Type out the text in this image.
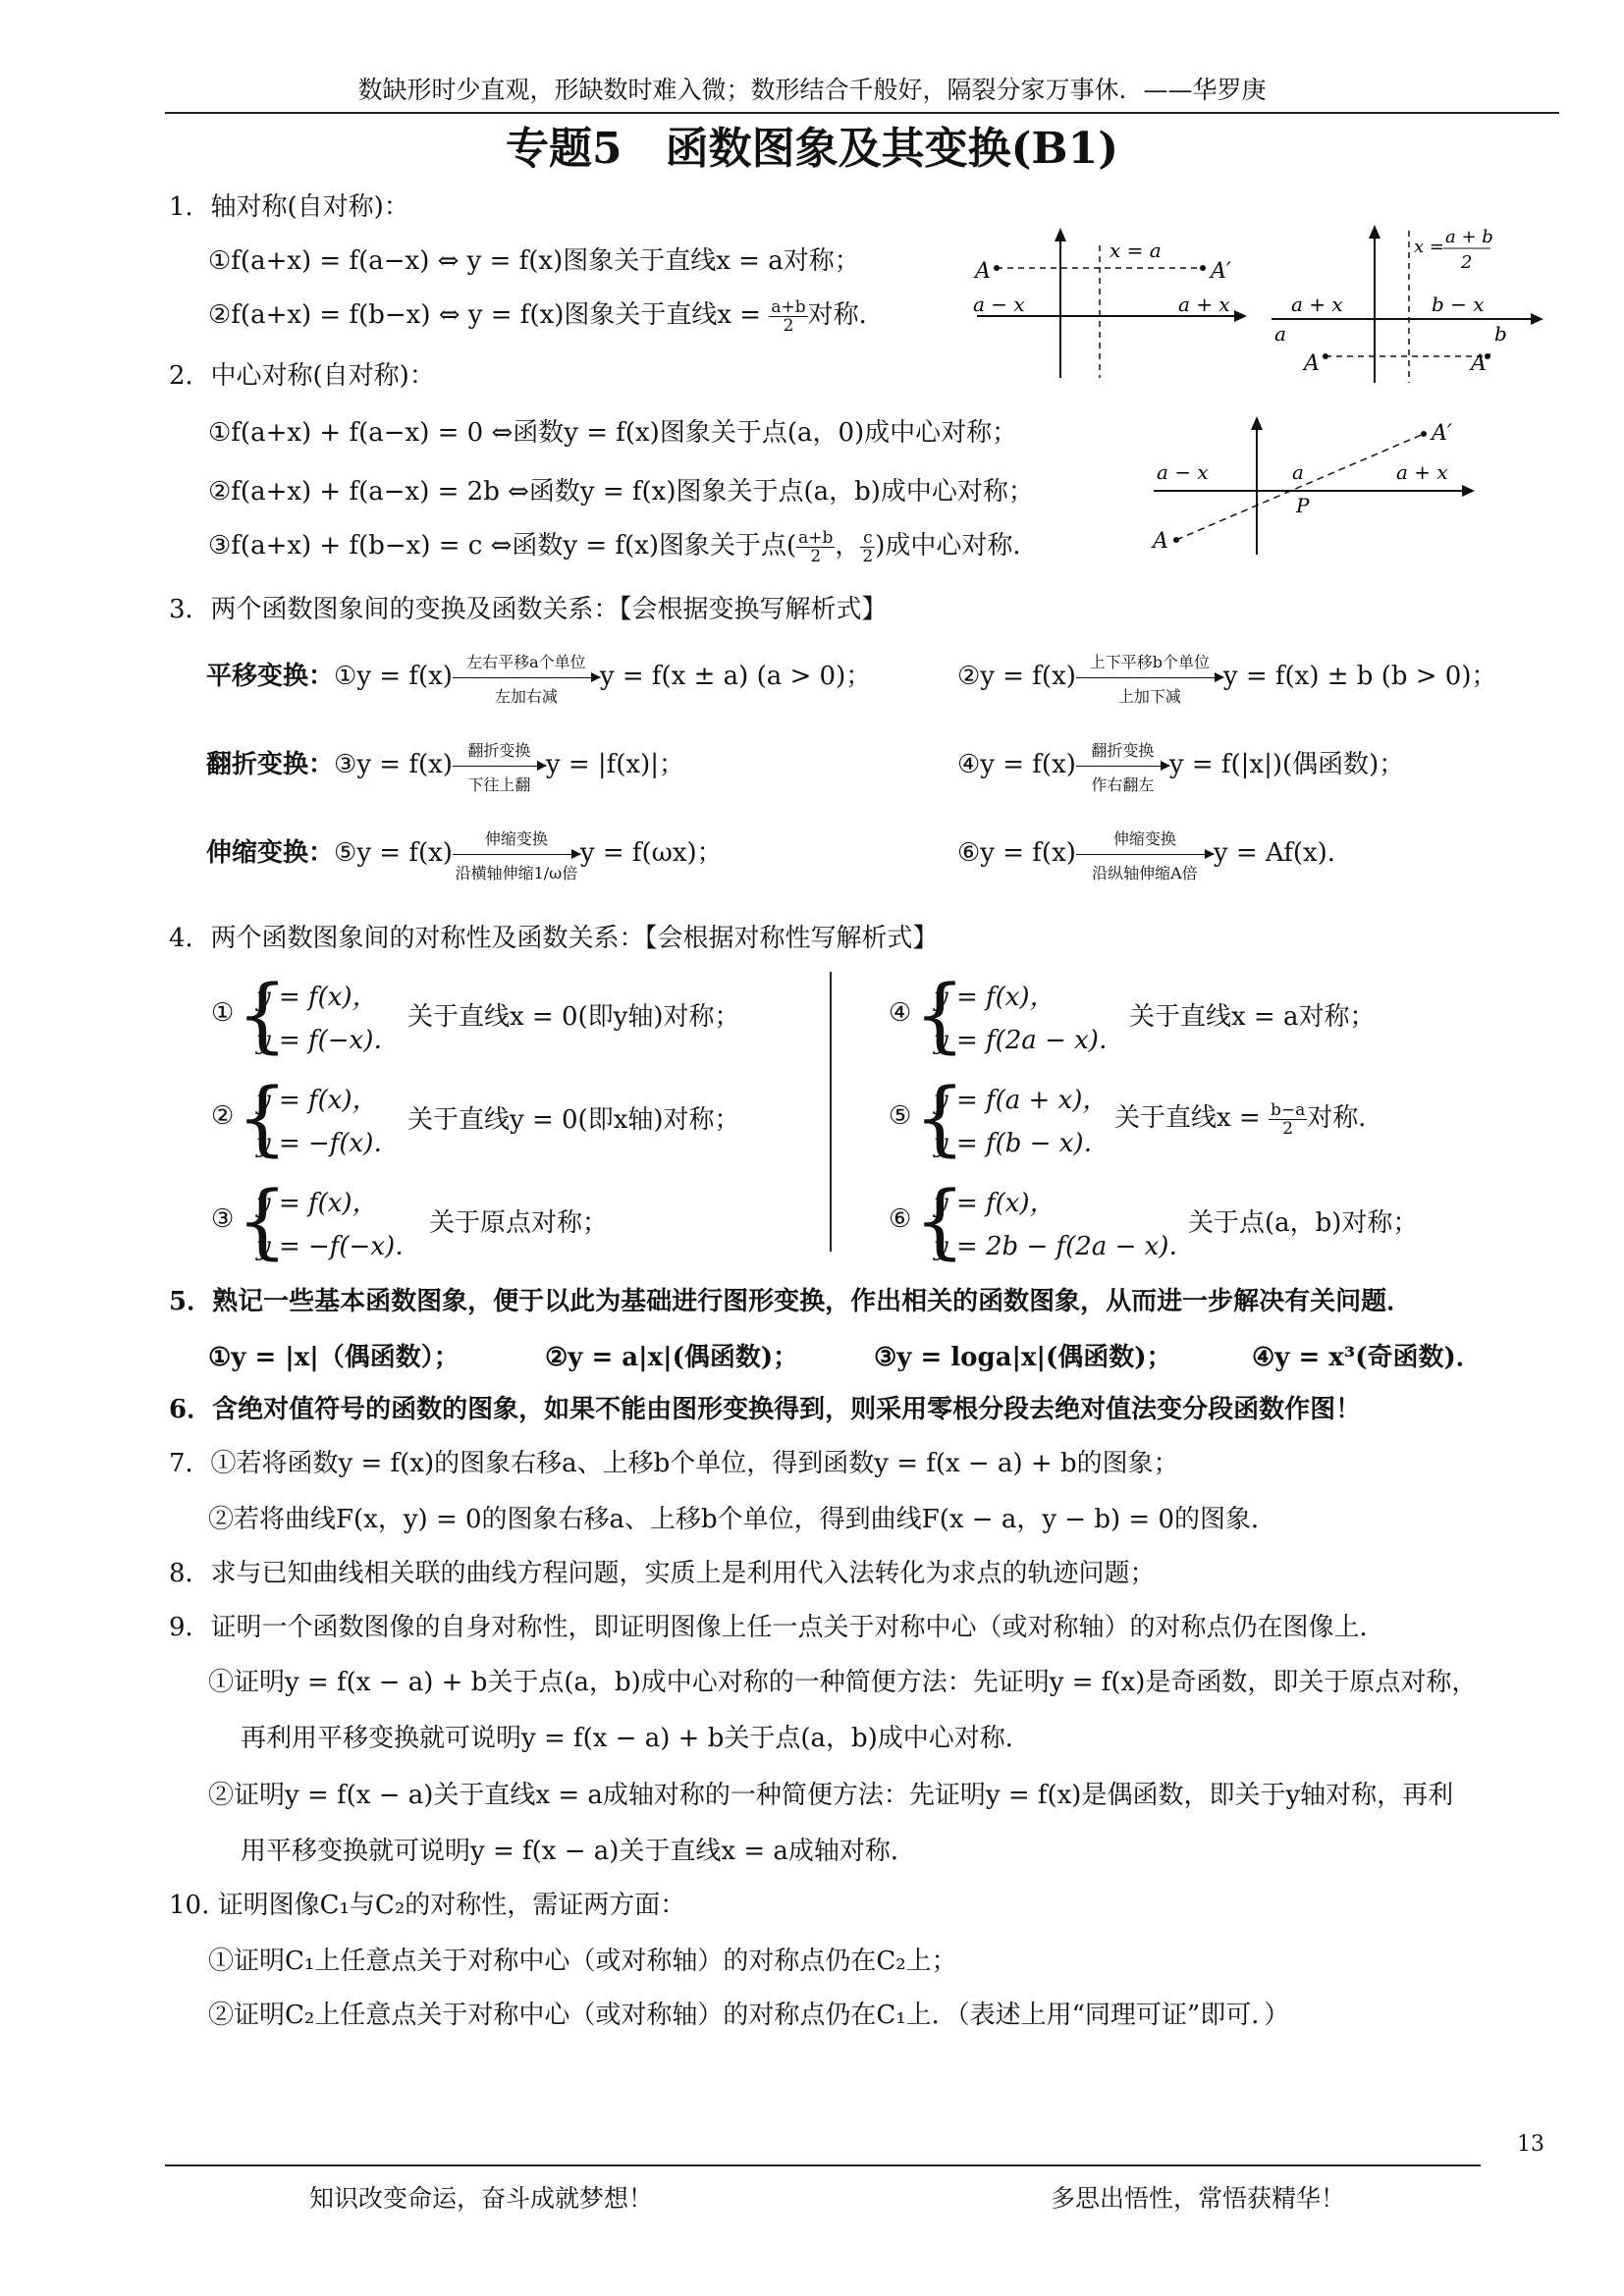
数缺形时少直观，形缺数时难入微；数形结合千般好，隔裂分家万事休．——华罗庚
专题5　函数图象及其变换(B1)
1．轴对称(自对称)：
①f(a+x) = f(a−x) ⇔ y = f(x)图象关于直线x = a对称；
②f(a+x) = f(b−x) ⇔ y = f(x)图象关于直线$x = \frac{a+b}{2}$ 对称．
A	A′
x = a
a − x	a + x
x = a + b
2
a + x	b − x
a	b
A	A′
2．中心对称(自对称)：
①f(a+x) + f(a−x) = 0 ⇔函数y = f(x)图象关于点(a，0)成中心对称；
②f(a+x) + f(a−x) = 2b ⇔函数y = f(x)图象关于点(a，b)成中心对称；
③f(a+x) + f(b−x) = c ⇔函数y = f(x)图象关于点( $\frac{a+b}{2}$ ， $\frac{c}{2}$ )成中心对称．
a − x	a	a + x
P
A
A′
3．两个函数图象间的变换及函数关系：【会根据变换写解析式】
平移变换：①y = f(x) 左右平移a个单位
左加右减
y = f(x ± a) (a > 0)；	②y = f(x) 上下平移b个单位
上加下减
y = f(x) ± b (b > 0)；
翻折变换：③y = f(x) 翻折变换
下往上翻
y = |f(x)|；	④y = f(x) 翻折变换
作右翻左
y = f(|x|)(偶函数)；
伸缩变换：⑤y = f(x)	伸缩变换
沿横轴伸缩1/ω倍
y = f(ωx)；	⑥y = f(x)	伸缩变换
沿纵轴伸缩A倍
y = Af(x)．
4．两个函数图象间的对称性及函数关系：【会根据对称性写解析式】
① {
y = f(x)，
y = f(−x)．
关于直线x = 0(即y轴)对称；
② {
y = f(x)，
y = −f(x)．
关于直线y = 0(即x轴)对称；
③ {
y = f(x)，
y = −f(−x)．
关于原点对称；
④ {
y = f(x)，
y = f(2a − x)．
关于直线x = a对称；
⑤ {
y = f(a + x)，
y = f(b − x)．
关于直线$x = \frac{b-a}{2}$ 对称．
⑥ {
y = f(x)，
y = 2b − f(2a − x)．
关于点(a，b)对称；
5．熟记一些基本函数图象，便于以此为基础进行图形变换，作出相关的函数图象，从而进一步解决有关问题．
①y = |x|（偶函数）；	②y = a|x|(偶函数)；	③y = loga|x|(偶函数)；	④y = x³(奇函数)．
6．含绝对值符号的函数的图象，如果不能由图形变换得到，则采用零根分段去绝对值法变分段函数作图！
7．①若将函数y = f(x)的图象右移a、上移b个单位，得到函数y = f(x − a) + b的图象；
②若将曲线F(x，y) = 0的图象右移a、上移b个单位，得到曲线F(x − a，y − b) = 0的图象．
8．求与已知曲线相关联的曲线方程问题，实质上是利用代入法转化为求点的轨迹问题；
9．证明一个函数图像的自身对称性，即证明图像上任一点关于对称中心（或对称轴）的对称点仍在图像上．
①证明y = f(x − a) + b关于点(a，b)成中心对称的一种简便方法：先证明y = f(x)是奇函数，即关于原点对称，
再利用平移变换就可说明y = f(x − a) + b关于点(a，b)成中心对称．
②证明y = f(x − a)关于直线x = a成轴对称的一种简便方法：先证明y = f(x)是偶函数，即关于y轴对称，再利
用平移变换就可说明y = f(x − a)关于直线x = a成轴对称．
10. 证明图像C₁与C₂的对称性，需证两方面：
①证明C₁上任意点关于对称中心（或对称轴）的对称点仍在C₂上；
②证明C₂上任意点关于对称中心（或对称轴）的对称点仍在C₁上．（表述上用“同理可证”即可．）
13
知识改变命运，奋斗成就梦想！	多思出悟性，常悟获精华！
